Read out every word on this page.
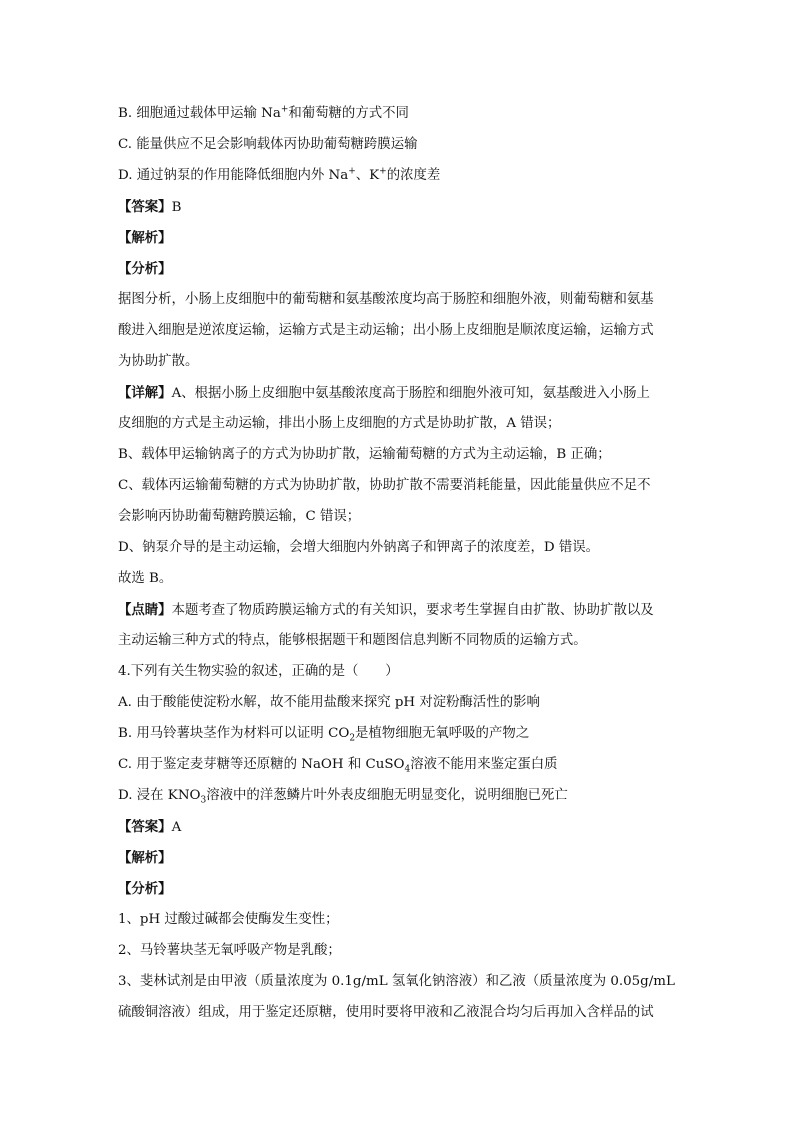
B. 细胞通过载体甲运输 Na+和葡萄糖的方式不同
C. 能量供应不足会影响载体丙协助葡萄糖跨膜运输
D. 通过钠泵的作用能降低细胞内外 Na+、K+的浓度差
【答案】B
【解析】
【分析】
据图分析，小肠上皮细胞中的葡萄糖和氨基酸浓度均高于肠腔和细胞外液，则葡萄糖和氨基
酸进入细胞是逆浓度运输，运输方式是主动运输；出小肠上皮细胞是顺浓度运输，运输方式
为协助扩散。
【详解】A、根据小肠上皮细胞中氨基酸浓度高于肠腔和细胞外液可知，氨基酸进入小肠上
皮细胞的方式是主动运输，排出小肠上皮细胞的方式是协助扩散，A 错误；
B、载体甲运输钠离子的方式为协助扩散，运输葡萄糖的方式为主动运输，B 正确；
C、载体丙运输葡萄糖的方式为协助扩散，协助扩散不需要消耗能量，因此能量供应不足不
会影响丙协助葡萄糖跨膜运输，C 错误；
D、钠泵介导的是主动运输，会增大细胞内外钠离子和钾离子的浓度差，D 错误。
故选 B。
【点睛】本题考查了物质跨膜运输方式的有关知识，要求考生掌握自由扩散、协助扩散以及
主动运输三种方式的特点，能够根据题干和题图信息判断不同物质的运输方式。
4.下列有关生物实验的叙述，正确的是（　　）
A. 由于酸能使淀粉水解，故不能用盐酸来探究 pH 对淀粉酶活性的影响
B. 用马铃薯块茎作为材料可以证明 $CO_2$是植物细胞无氧呼吸的产物之
C. 用于鉴定麦芽糖等还原糖的 NaOH 和 CuSO$_4$溶液不能用来鉴定蛋白质
D. 浸在 $KNO_3$溶液中的洋葱鳞片叶外表皮细胞无明显变化，说明细胞已死亡
【答案】A
【解析】
【分析】
1、pH 过酸过碱都会使酶发生变性；
2、马铃薯块茎无氧呼吸产物是乳酸；
3、斐林试剂是由甲液（质量浓度为 0.1g/mL 氢氧化钠溶液）和乙液（质量浓度为 0.05g/mL
硫酸铜溶液）组成，用于鉴定还原糖，使用时要将甲液和乙液混合均匀后再加入含样品的试
